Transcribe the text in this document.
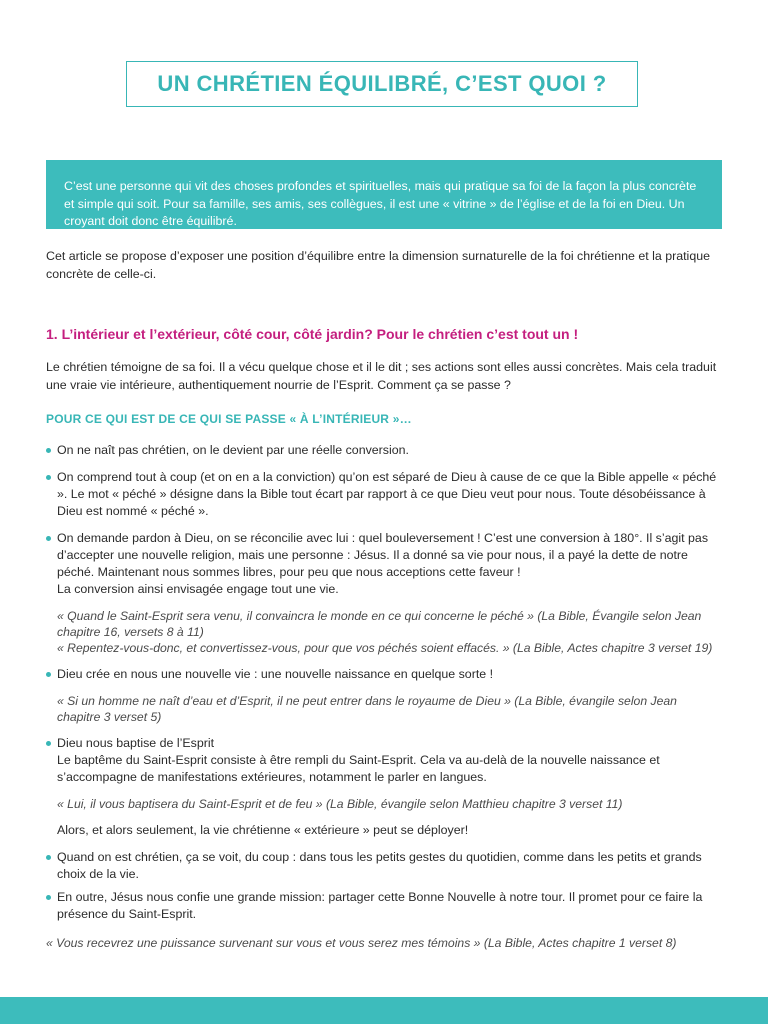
UN CHRÉTIEN ÉQUILIBRÉ, C’EST QUOI ?

C’est une personne qui vit des choses profondes et spirituelles, mais qui pratique sa foi de la façon la plus concrète et simple qui soit. Pour sa famille, ses amis, ses collègues, il est une « vitrine » de l’église et de la foi en Dieu. Un croyant doit donc être équilibré.

Cet article se propose d’exposer une position d’équilibre entre la dimension surnaturelle de la foi chrétienne et la pratique concrète de celle-ci.

1. L’intérieur et l’extérieur, côté cour, côté jardin? Pour le chrétien c’est tout un !

Le chrétien témoigne de sa foi. Il a vécu quelque chose et il le dit ; ses actions sont elles aussi concrètes. Mais cela traduit une vraie vie intérieure, authentiquement nourrie de l’Esprit. Comment ça se passe ?

POUR CE QUI EST DE CE QUI SE PASSE « À L’INTÉRIEUR »…

On ne naît pas chrétien, on le devient par une réelle conversion.
On comprend tout à coup (et on en a la conviction) qu’on est séparé de Dieu à cause de ce que la Bible appelle « péché ». Le mot « péché » désigne dans la Bible tout écart par rapport à ce que Dieu veut pour nous. Toute désobéissance à Dieu est nommé « péché ».
On demande pardon à Dieu, on se réconcilie avec lui : quel bouleversement ! C’est une conversion à 180°. Il s’agit pas d’accepter une nouvelle religion, mais une personne : Jésus. Il a donné sa vie pour nous, il a payé la dette de notre péché. Maintenant nous sommes libres, pour peu que nous acceptions cette faveur !
La conversion ainsi envisagée engage tout une vie.

« Quand le Saint-Esprit sera venu, il convaincra le monde en ce qui concerne le péché » (La Bible, Évangile selon Jean chapitre 16, versets 8 à 11)

« Repentez-vous-donc, et convertissez-vous, pour que vos péchés soient effacés. » (La Bible, Actes chapitre 3 verset 19)

Dieu crée en nous une nouvelle vie : une nouvelle naissance en quelque sorte !

« Si un homme ne naît d’eau et d’Esprit, il ne peut entrer dans le royaume de Dieu » (La Bible, évangile selon Jean chapitre 3 verset 5)

Dieu nous baptise de l’Esprit
Le baptême du Saint-Esprit consiste à être rempli du Saint-Esprit. Cela va au-delà de la nouvelle naissance et s’accompagne de manifestations extérieures, notamment le parler en langues.

« Lui, il vous baptisera du Saint-Esprit et de feu » (La Bible, évangile selon Matthieu chapitre 3 verset 11)

Alors, et alors seulement, la vie chrétienne « extérieure » peut se déployer!

Quand on est chrétien, ça se voit, du coup : dans tous les petits gestes du quotidien, comme dans les petits et grands choix de la vie.
En outre, Jésus nous confie une grande mission: partager cette Bonne Nouvelle à notre tour. Il promet pour ce faire la présence du Saint-Esprit.

« Vous recevrez une puissance survenant sur vous et vous serez mes témoins » (La Bible, Actes chapitre 1 verset 8)
